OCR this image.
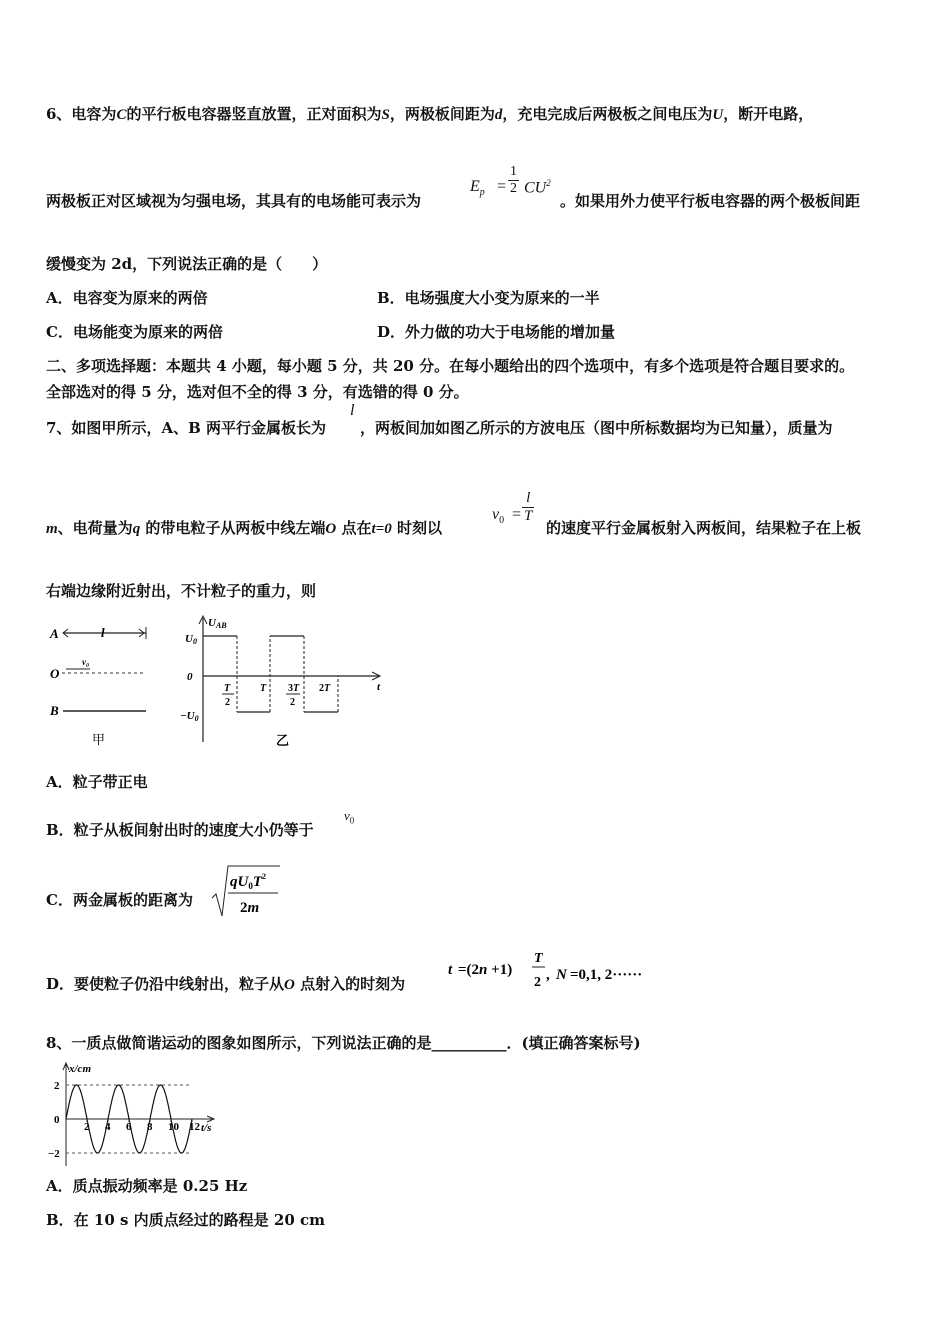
6、电容为C的平行板电容器竖直放置，正对面积为S，两极板间距为d，充电完成后两极板之间电压为U，断开电路，
两极板正对区域视为匀强电场，其具有的电场能可表示为
$E_p = \frac{1}{2} CU^2$
。如果用外力使平行板电容器的两个极板间距
缓慢变为 2d，下列说法正确的是（　　）
A．电容变为原来的两倍	B．电场强度大小变为原来的一半
C．电场能变为原来的两倍	D．外力做的功大于电场能的增加量
二、多项选择题：本题共 4 小题，每小题 5 分，共 20 分。在每小题给出的四个选项中，有多个选项是符合题目要求的。
全部选对的得 5 分，选对但不全的得 3 分，有选错的得 0 分。
7、如图甲所示，A、B 两平行金属板长为
l
，两板间加如图乙所示的方波电压（图中所标数据均为已知量），质量为
m、电荷量为q 的带电粒子从两板中线左端O 点在t=0 时刻以
$v_0 = \frac{l}{T}$
的速度平行金属板射入两板间，结果粒子在上板
右端边缘附近射出，不计粒子的重力，则
A	l
O
v₀
B
甲
UAB
t
U0
0
−U0
T
2
T 3T
2
2T
乙
A．粒子带正电
B．粒子从板间射出时的速度大小仍等于
$v_0$
C．两金属板的距离为
$qU_0T^2$
2m
D．要使粒子仍沿中线射出，粒子从O 点射入的时刻为
t =(2n +1)
T
2 , N =0,1, 2······
8、一质点做简谐运动的图象如图所示，下列说法正确的是__________．(填正确答案标号)
x/cm
t/s
2
0
−2
2 4 6 8 10 12
A．质点振动频率是 0.25 Hz
B．在 10 s 内质点经过的路程是 20 cm
